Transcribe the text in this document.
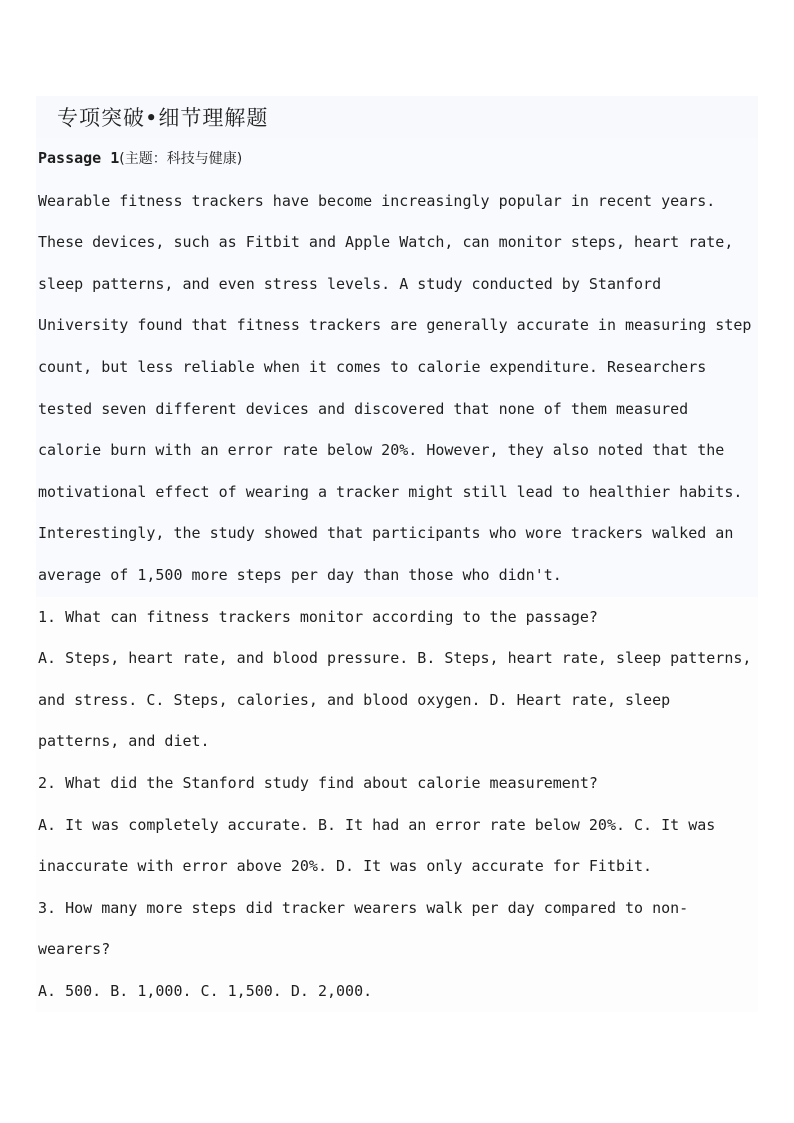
专项突破•细节理解题
Passage 1(主题：科技与健康)
Wearable fitness trackers have become increasingly popular in recent years.
These devices, such as Fitbit and Apple Watch, can monitor steps, heart rate,
sleep patterns, and even stress levels. A study conducted by Stanford
University found that fitness trackers are generally accurate in measuring step
count, but less reliable when it comes to calorie expenditure. Researchers
tested seven different devices and discovered that none of them measured
calorie burn with an error rate below 20%. However, they also noted that the
motivational effect of wearing a tracker might still lead to healthier habits.
Interestingly, the study showed that participants who wore trackers walked an
average of 1,500 more steps per day than those who didn't.
1. What can fitness trackers monitor according to the passage?
A. Steps, heart rate, and blood pressure. B. Steps, heart rate, sleep patterns,
and stress. C. Steps, calories, and blood oxygen. D. Heart rate, sleep
patterns, and diet.
2. What did the Stanford study find about calorie measurement?
A. It was completely accurate. B. It had an error rate below 20%. C. It was
inaccurate with error above 20%. D. It was only accurate for Fitbit.
3. How many more steps did tracker wearers walk per day compared to non-
wearers?
A. 500. B. 1,000. C. 1,500. D. 2,000.
